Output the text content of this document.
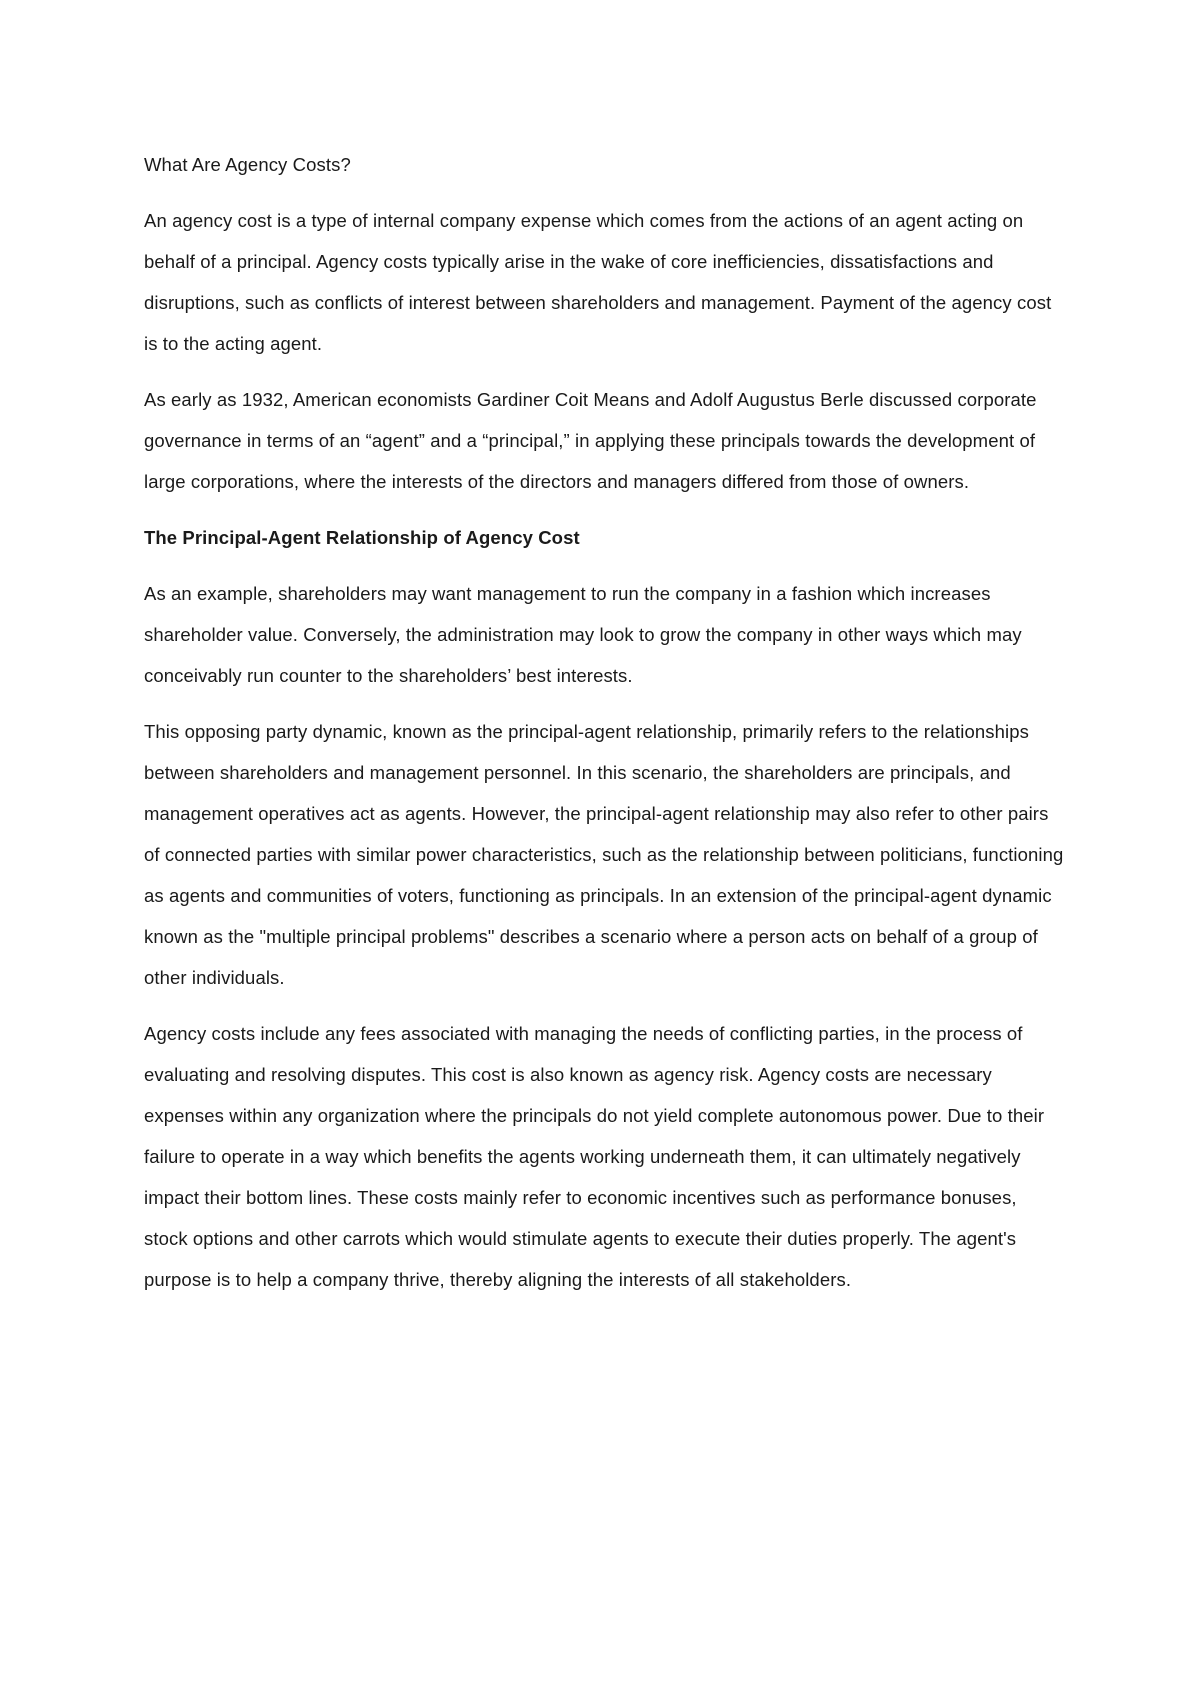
What Are Agency Costs?

An agency cost is a type of internal company expense which comes from the actions of an agent acting on behalf of a principal. Agency costs typically arise in the wake of core inefficiencies, dissatisfactions and disruptions, such as conflicts of interest between shareholders and management. Payment of the agency cost is to the acting agent.

As early as 1932, American economists Gardiner Coit Means and Adolf Augustus Berle discussed corporate governance in terms of an “agent” and a “principal,” in applying these principals towards the development of large corporations, where the interests of the directors and managers differed from those of owners.

The Principal-Agent Relationship of Agency Cost

As an example, shareholders may want management to run the company in a fashion which increases shareholder value. Conversely, the administration may look to grow the company in other ways which may conceivably run counter to the shareholders’ best interests.

This opposing party dynamic, known as the principal-agent relationship, primarily refers to the relationships between shareholders and management personnel. In this scenario, the shareholders are principals, and management operatives act as agents. However, the principal-agent relationship may also refer to other pairs of connected parties with similar power characteristics, such as the relationship between politicians, functioning as agents and communities of voters, functioning as principals. In an extension of the principal-agent dynamic known as the "multiple principal problems" describes a scenario where a person acts on behalf of a group of other individuals.

Agency costs include any fees associated with managing the needs of conflicting parties, in the process of evaluating and resolving disputes. This cost is also known as agency risk. Agency costs are necessary expenses within any organization where the principals do not yield complete autonomous power. Due to their failure to operate in a way which benefits the agents working underneath them, it can ultimately negatively impact their bottom lines. These costs mainly refer to economic incentives such as performance bonuses, stock options and other carrots which would stimulate agents to execute their duties properly. The agent's purpose is to help a company thrive, thereby aligning the interests of all stakeholders.
